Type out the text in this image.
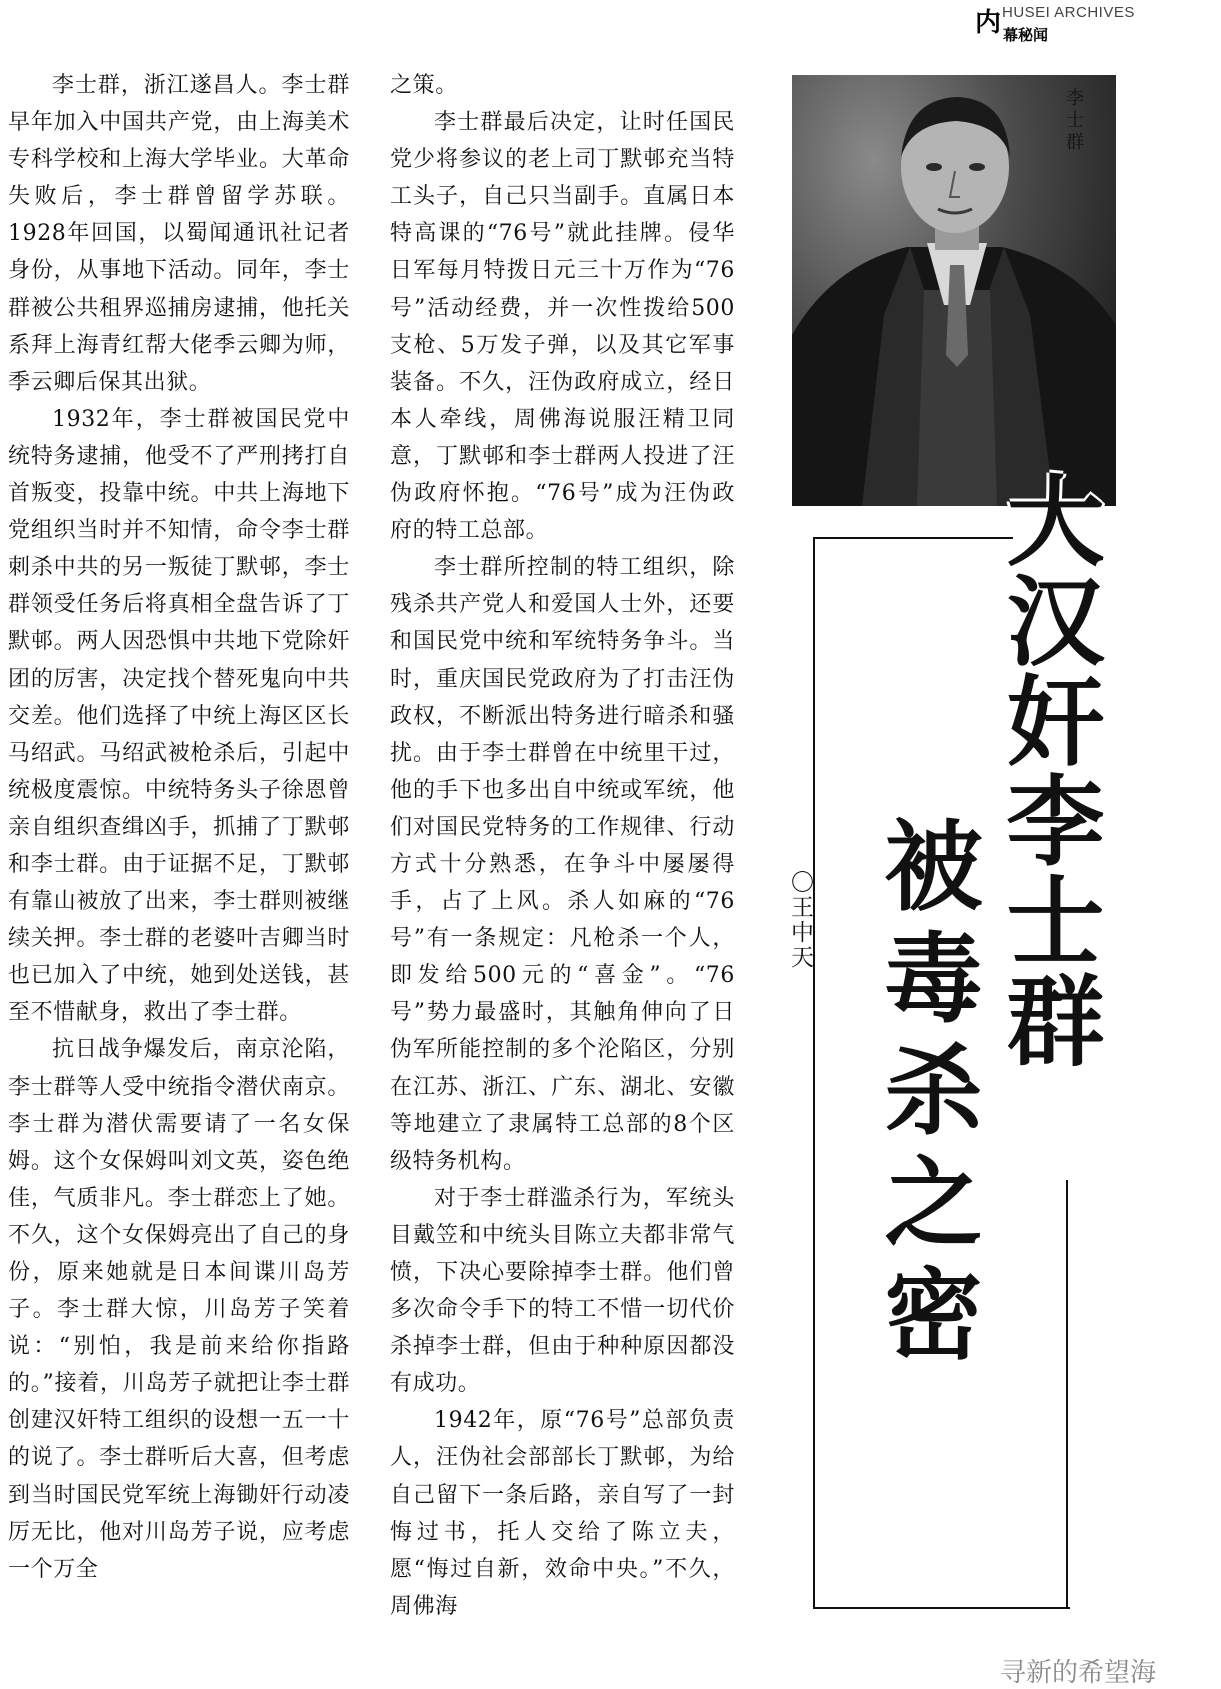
内 HUSEI ARCHIVES
幕秘闻

李士群，浙江遂昌人。李士群早年加入中国共产党，由上海美术专科学校和上海大学毕业。大革命失败后，李士群曾留学苏联。1928年回国，以蜀闻通讯社记者身份，从事地下活动。同年，李士群被公共租界巡捕房逮捕，他托关系拜上海青红帮大佬季云卿为师，季云卿后保其出狱。

1932年，李士群被国民党中统特务逮捕，他受不了严刑拷打自首叛变，投靠中统。中共上海地下党组织当时并不知情，命令李士群刺杀中共的另一叛徒丁默邨，李士群领受任务后将真相全盘告诉了丁默邨。两人因恐惧中共地下党除奸团的厉害，决定找个替死鬼向中共交差。他们选择了中统上海区区长马绍武。马绍武被枪杀后，引起中统极度震惊。中统特务头子徐恩曾亲自组织查缉凶手，抓捕了丁默邨和李士群。由于证据不足，丁默邨有靠山被放了出来，李士群则被继续关押。李士群的老婆叶吉卿当时也已加入了中统，她到处送钱，甚至不惜献身，救出了李士群。

抗日战争爆发后，南京沦陷，李士群等人受中统指令潜伏南京。李士群为潜伏需要请了一名女保姆。这个女保姆叫刘文英，姿色绝佳，气质非凡。李士群恋上了她。不久，这个女保姆亮出了自己的身份，原来她就是日本间谍川岛芳子。李士群大惊，川岛芳子笑着说：“别怕，我是前来给你指路的。”接着，川岛芳子就把让李士群创建汉奸特工组织的设想一五一十的说了。李士群听后大喜，但考虑到当时国民党军统上海锄奸行动凌厉无比，他对川岛芳子说，应考虑一个万全

之策。

李士群最后决定，让时任国民党少将参议的老上司丁默邨充当特工头子，自己只当副手。直属日本特高课的“76号”就此挂牌。侵华日军每月特拨日元三十万作为“76号”活动经费，并一次性拨给500支枪、5万发子弹，以及其它军事装备。不久，汪伪政府成立，经日本人牵线，周佛海说服汪精卫同意，丁默邨和李士群两人投进了汪伪政府怀抱。“76号”成为汪伪政府的特工总部。

李士群所控制的特工组织，除残杀共产党人和爱国人士外，还要和国民党中统和军统特务争斗。当时，重庆国民党政府为了打击汪伪政权，不断派出特务进行暗杀和骚扰。由于李士群曾在中统里干过，他的手下也多出自中统或军统，他们对国民党特务的工作规律、行动方式十分熟悉，在争斗中屡屡得手，占了上风。杀人如麻的“76号”有一条规定：凡枪杀一个人，即发给500元的“喜金”。“76号”势力最盛时，其触角伸向了日伪军所能控制的多个沦陷区，分别在江苏、浙江、广东、湖北、安徽等地建立了隶属特工总部的8个区级特务机构。

对于李士群滥杀行为，军统头目戴笠和中统头目陈立夫都非常气愤，下决心要除掉李士群。他们曾多次命令手下的特工不惜一切代价杀掉李士群，但由于种种原因都没有成功。

1942年，原“76号”总部负责人，汪伪社会部部长丁默邨，为给自己留下一条后路，亲自写了一封悔过书，托人交给了陈立夫，愿“悔过自新，效命中央。”不久，周佛海

李士群
大汉奸李士群
被毒杀之密
〇王中天
寻新的希望海
